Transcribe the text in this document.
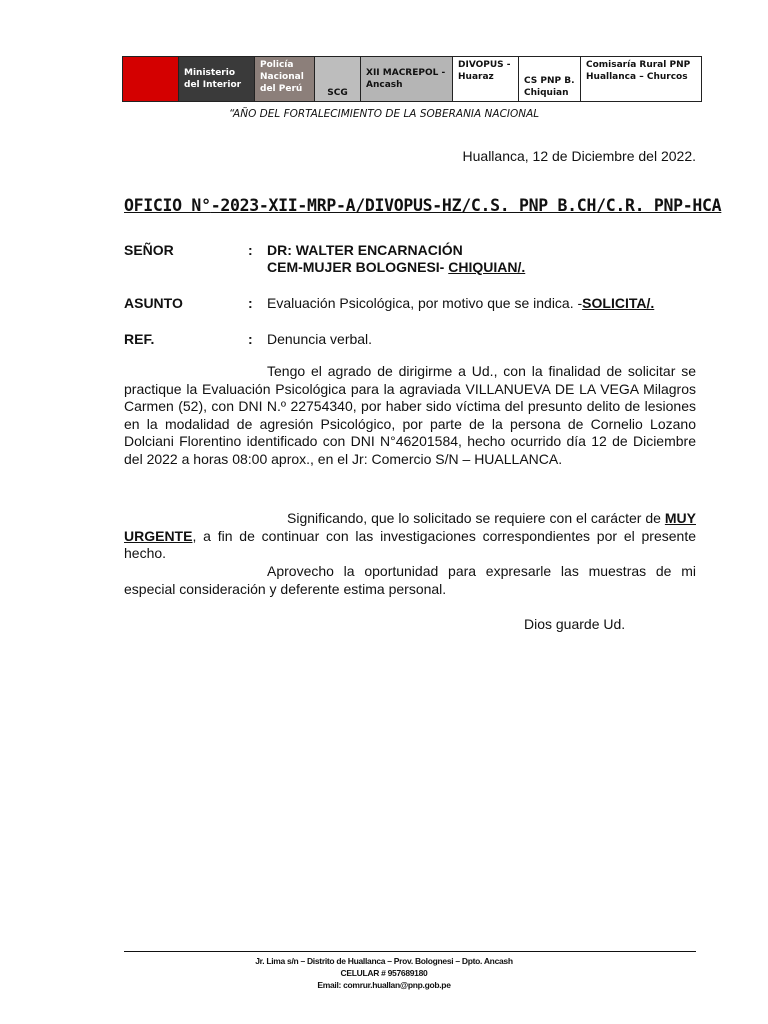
Ministerio del Interior
Policía Nacional del Perú	SCG
XII MACREPOL - Ancash
DIVOPUS - Huaraz	CS PNP B. Chiquian
Comisaría Rural PNP Huallanca – Churcos
“AÑO DEL FORTALECIMIENTO DE LA SOBERANIA NACIONAL
Huallanca, 12 de Diciembre del 2022.
OFICIO N° -2023-XII-MRP-A/DIVOPUS-HZ/C.S. PNP B.CH/C.R. PNP-HCA
SEÑOR	: DR: WALTER ENCARNACIÓN
CEM-MUJER BOLOGNESI- CHIQUIAN/.
ASUNTO	: Evaluación Psicológica, por motivo que se indica. -SOLICITA/.
REF.	: Denuncia verbal.
Tengo el agrado de dirigirme a Ud., con la finalidad de solicitar se practique la Evaluación Psicológica para la agraviada VILLANUEVA DE LA VEGA Milagros Carmen (52), con DNI N.º 22754340, por haber sido víctima del presunto delito de lesiones en la modalidad de agresión Psicológico, por parte de la persona de Cornelio Lozano Dolciani Florentino identificado con DNI N°46201584, hecho ocurrido día 12 de Diciembre del 2022 a horas 08:00 aprox., en el Jr: Comercio S/N – HUALLANCA.
Significando, que lo solicitado se requiere con el carácter de MUY URGENTE, a fin de continuar con las investigaciones correspondientes por el presente hecho.
Aprovecho la oportunidad para expresarle las muestras de mi especial consideración y deferente estima personal.
Dios guarde Ud.
Jr. Lima s/n – Distrito de Huallanca – Prov. Bolognesi – Dpto. Ancash
CELULAR # 957689180
Email: comrur.huallan@pnp.gob.pe
